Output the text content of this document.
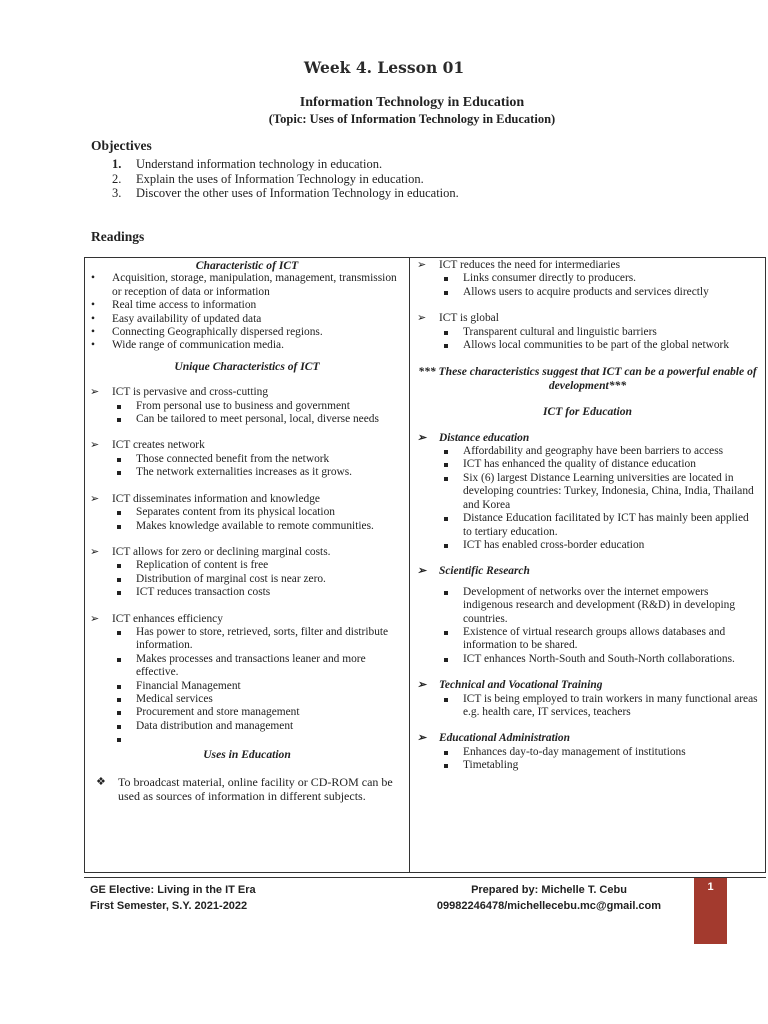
Week 4. Lesson 01
Information Technology in Education
(Topic: Uses of Information Technology in Education)
Objectives
1.	Understand information technology in education.
2.	Explain the uses of Information Technology in education.
3.	Discover the other uses of Information Technology in education.
Readings
Characteristic of ICT
• Acquisition, storage, manipulation, management, transmission or reception of data or information
• Real time access to information
• Easy availability of updated data
• Connecting Geographically dispersed regions.
• Wide range of communication media.
Unique Characteristics of ICT
➢ ICT is pervasive and cross-cutting
From personal use to business and government
Can be tailored to meet personal, local, diverse needs
➢ ICT creates network
Those connected benefit from the network
The network externalities increases as it grows.
➢ ICT disseminates information and knowledge
Separates content from its physical location
Makes knowledge available to remote communities.
➢ ICT allows for zero or declining marginal costs.
Replication of content is free
Distribution of marginal cost is near zero.
ICT reduces transaction costs
➢ ICT enhances efficiency
Has power to store, retrieved, sorts, filter and distribute information.
Makes processes and transactions leaner and more effective.
Financial Management
Medical services
Procurement and store management
Data distribution and management
Uses in Education
❖ To broadcast material, online facility or CD-ROM can be used as sources of information in different subjects.
➢ ICT reduces the need for intermediaries
Links consumer directly to producers.
Allows users to acquire products and services directly
➢ ICT is global
Transparent cultural and linguistic barriers
Allows local communities to be part of the global network
*** These characteristics suggest that ICT can be a powerful enable of development***
ICT for Education
➢ Distance education
Affordability and geography have been barriers to access
ICT has enhanced the quality of distance education
Six (6) largest Distance Learning universities are located in developing countries: Turkey, Indonesia, China, India, Thailand and Korea
Distance Education facilitated by ICT has mainly been applied to tertiary education.
ICT has enabled cross-border education
➢ Scientific Research
Development of networks over the internet empowers indigenous research and development (R&D) in developing countries.
Existence of virtual research groups allows databases and information to be shared.
ICT enhances North-South and South-North collaborations.
➢ Technical and Vocational Training
ICT is being employed to train workers in many functional areas e.g. health care, IT services, teachers
➢ Educational Administration
Enhances day-to-day management of institutions
Timetabling
GE Elective: Living in the IT Era
First Semester, S.Y. 2021-2022
Prepared by: Michelle T. Cebu
09982246478/michellecebu.mc@gmail.com
1
